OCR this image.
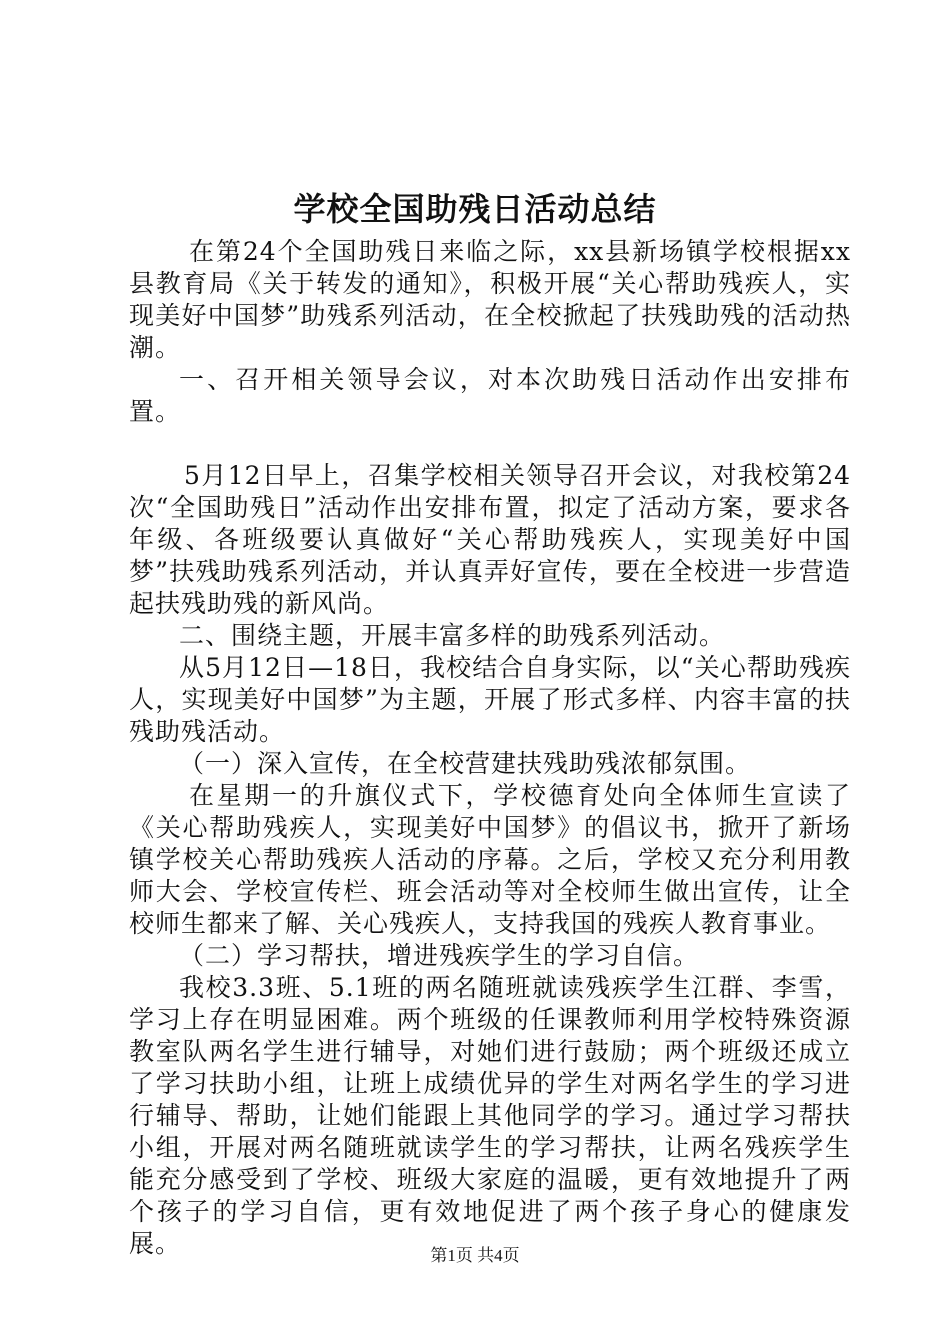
学校全国助残日活动总结

在第24个全国助残日来临之际，xx县新场镇学校根据xx县教育局《关于转发的通知》，积极开展“关心帮助残疾人，实现美好中国梦”助残系列活动，在全校掀起了扶残助残的活动热潮。

一、召开相关领导会议，对本次助残日活动作出安排布置。

5月12日早上，召集学校相关领导召开会议，对我校第24次“全国助残日”活动作出安排布置，拟定了活动方案，要求各年级、各班级要认真做好“关心帮助残疾人，实现美好中国梦”扶残助残系列活动，并认真弄好宣传，要在全校进一步营造起扶残助残的新风尚。

二、围绕主题，开展丰富多样的助残系列活动。

从5月12日—18日，我校结合自身实际，以“关心帮助残疾人，实现美好中国梦”为主题，开展了形式多样、内容丰富的扶残助残活动。

（一）深入宣传，在全校营建扶残助残浓郁氛围。

在星期一的升旗仪式下，学校德育处向全体师生宣读了《关心帮助残疾人，实现美好中国梦》的倡议书，掀开了新场镇学校关心帮助残疾人活动的序幕。之后，学校又充分利用教师大会、学校宣传栏、班会活动等对全校师生做出宣传，让全校师生都来了解、关心残疾人，支持我国的残疾人教育事业。

（二）学习帮扶，增进残疾学生的学习自信。

我校3.3班、5.1班的两名随班就读残疾学生江群、李雪，学习上存在明显困难。两个班级的任课教师利用学校特殊资源教室队两名学生进行辅导，对她们进行鼓励；两个班级还成立了学习扶助小组，让班上成绩优异的学生对两名学生的学习进行辅导、帮助，让她们能跟上其他同学的学习。通过学习帮扶小组，开展对两名随班就读学生的学习帮扶，让两名残疾学生能充分感受到了学校、班级大家庭的温暖，更有效地提升了两个孩子的学习自信，更有效地促进了两个孩子身心的健康发展。	第1页 共4页
